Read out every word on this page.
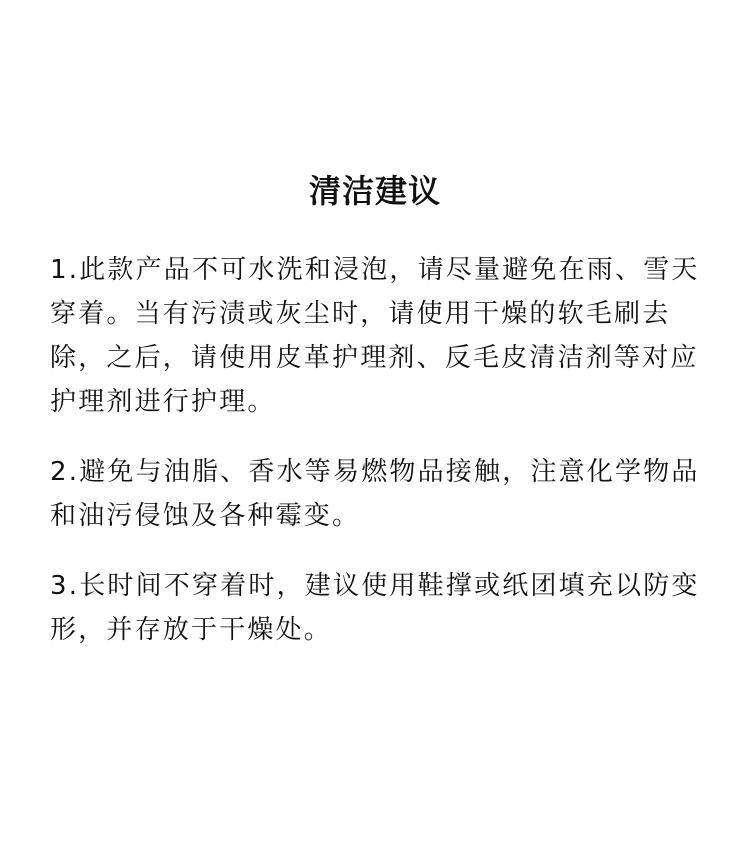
清洁建议

1.此款产品不可水洗和浸泡，请尽量避免在雨、雪天穿着。当有污渍或灰尘时，请使用干燥的软毛刷去除，之后，请使用皮革护理剂、反毛皮清洁剂等对应护理剂进行护理。

2.避免与油脂、香水等易燃物品接触，注意化学物品和油污侵蚀及各种霉变。

3.长时间不穿着时，建议使用鞋撑或纸团填充以防变形，并存放于干燥处。
